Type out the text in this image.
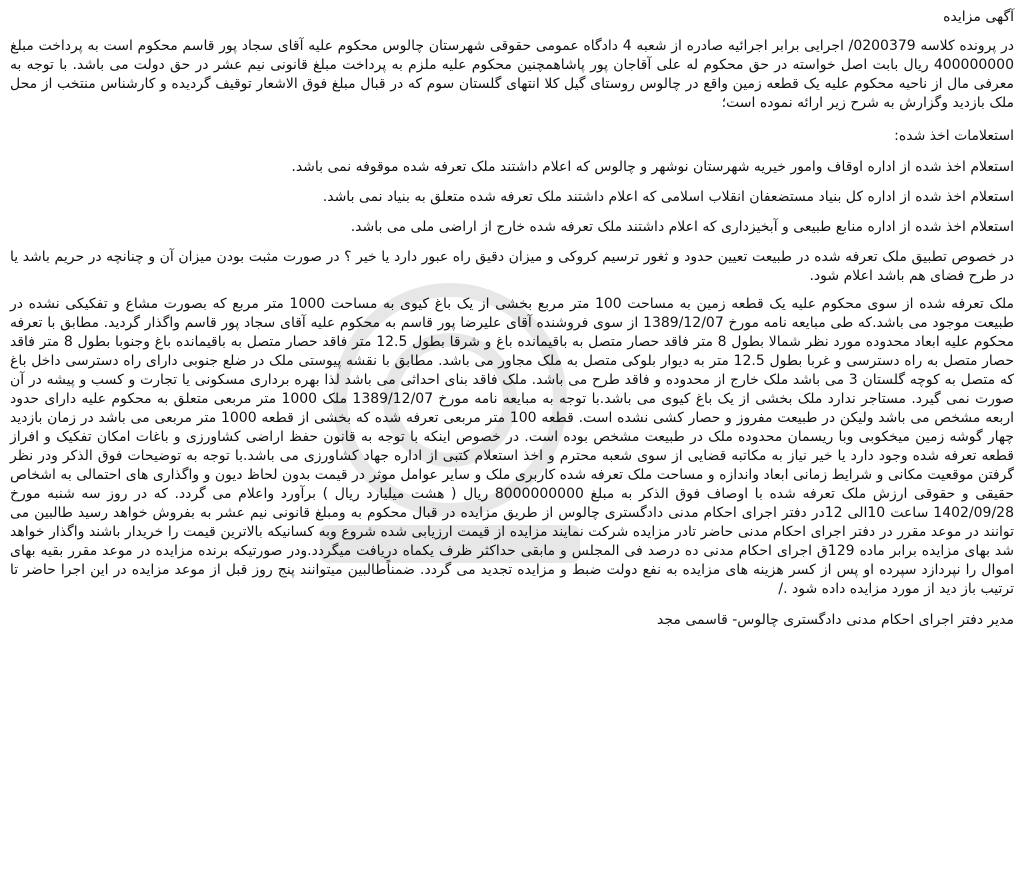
آگهی مزایده

در پرونده کلاسه 0200379/ اجرایی برابر اجرائیه صادره از شعبه 4 دادگاه عمومی حقوقی شهرستان چالوس محکوم علیه آقای سجاد پور قاسم محکوم است به پرداخت مبلغ 400000000 ریال بابت اصل خواسته در حق محکوم له علی آقاجان پور پاشاهمچنین محکوم علیه ملزم به پرداخت مبلغ قانونی نیم عشر در حق دولت می باشد. با توجه به معرفی مال از ناحیه محکوم علیه یک قطعه زمین واقع در چالوس روستای گیل کلا انتهای گلستان سوم که در قبال مبلغ فوق الاشعار توقیف گردیده و کارشناس منتخب از محل ملک بازدید وگزارش به شرح زیر ارائه نموده است؛

استعلامات اخذ شده:

استعلام اخذ شده از اداره اوقاف وامور خیریه شهرستان نوشهر و چالوس که اعلام داشتند ملک تعرفه شده موقوفه نمی باشد.

استعلام اخذ شده از اداره کل بنیاد مستضعفان انقلاب اسلامی که اعلام داشتند ملک تعرفه شده متعلق به بنیاد نمی باشد.

استعلام اخذ شده از اداره منابع طبیعی و آبخیزداری که اعلام داشتند ملک تعرفه شده خارج از اراضی ملی می باشد.

در خصوص تطبیق ملک تعرفه شده در طبیعت تعیین حدود و ثغور ترسیم کروکی و میزان دقیق راه عبور دارد یا خیر ؟ در صورت مثبت بودن میزان آن و چنانچه در حریم باشد یا در طرح فضای هم باشد اعلام شود.

ملک تعرفه شده از سوی محکوم علیه یک قطعه زمین به مساحت 100 متر مربع بخشی از یک باغ کیوی به مساحت 1000 متر مربع که بصورت مشاع و تفکیکی نشده در طبیعت موجود می باشد.که طی مبایعه نامه مورخ 1389/12/07 از سوی فروشنده آقای علیرضا پور قاسم به محکوم علیه آقای سجاد پور قاسم واگذار گردید. مطابق با تعرفه محکوم علیه ابعاد محدوده مورد نظر شمالا بطول 8 متر فاقد حصار متصل به باقیمانده باغ و شرقا بطول 12.5 متر فاقد حصار متصل به باقیمانده باغ وجنوبا بطول 8 متر فاقد حصار متصل به راه دسترسی و غربا بطول 12.5 متر به دیوار بلوکی متصل به ملک مجاور می باشد. مطابق با نقشه پیوستی ملک در ضلع جنوبی دارای راه دسترسی داخل باغ که متصل به کوچه گلستان 3 می باشد ملک خارج از محدوده و فاقد طرح می باشد. ملک فاقد بنای احداثی می باشد لذا بهره برداری مسکونی یا تجارت و کسب و پیشه در آن صورت نمی گیرد. مستاجر ندارد ملک بخشی از یک باغ کیوی می باشد.با توجه به مبایعه نامه مورخ 1389/12/07 ملک 1000 متر مربعی متعلق به محکوم علیه دارای حدود اربعه مشخص می باشد ولیکن در طبیعت مفروز و حصار کشی نشده است. قطعه 100 متر مربعی تعرفه شده که بخشی از قطعه 1000 متر مربعی می باشد در زمان بازدید چهار گوشه زمین میخکوبی وبا ریسمان محدوده ملک در طبیعت مشخص بوده است. در خصوص اینکه با توجه به قانون حفظ اراضی کشاورزی و باغات امکان تفکیک و افراز قطعه تعرفه شده وجود دارد یا خیر نیاز به مکاتبه قضایی از سوی شعبه محترم و اخذ استعلام کتبی از اداره جهاد کشاورزی می باشد.با توجه به توضیحات فوق الذکر ودر نظر گرفتن موقعیت مکانی و شرایط زمانی ابعاد واندازه و مساحت ملک تعرفه شده کاربری ملک و سایر عوامل موثر در قیمت بدون لحاظ دیون و واگذاری های احتمالی به اشخاص حقیقی و حقوقی ارزش ملک تعرفه شده با اوصاف فوق الذکر به مبلغ 8000000000 ریال ( هشت میلیارد ریال ) برآورد واعلام می گردد. که در روز سه شنبه مورخ 1402/09/28 ساعت 10الی 12در دفتر اجرای احکام مدنی دادگستری چالوس از طریق مزایده در قبال محکوم به ومبلغ قانونی نیم عشر به بفروش خواهد رسید طالبین می توانند در موعد مقرر در دفتر اجرای احکام مدنی حاضر تادر مزایده شرکت نمایند مزایده از قیمت ارزیابی شده شروع وبه کسانیکه بالاترین قیمت را خریدار باشند واگذار خواهد شد بهای مزایده برابر ماده 129ق اجرای احکام مدنی ده درصد فی المجلس و مابقی حداکثر ظرف یکماه دریافت میگردد.ودر صورتیکه برنده مزایده در موعد مقرر بقیه بهای اموال را نپردازد سپرده او پس از کسر هزینه های مزایده به نفع دولت ضبط و مزایده تجدید می گردد. ضمناًطالبین میتوانند پنج روز قبل از موعد مزایده در این اجرا حاضر تا ترتیب باز دید از مورد مزایده داده شود ./

مدیر دفتر اجرای احکام مدنی دادگستری چالوس- قاسمی مجد
